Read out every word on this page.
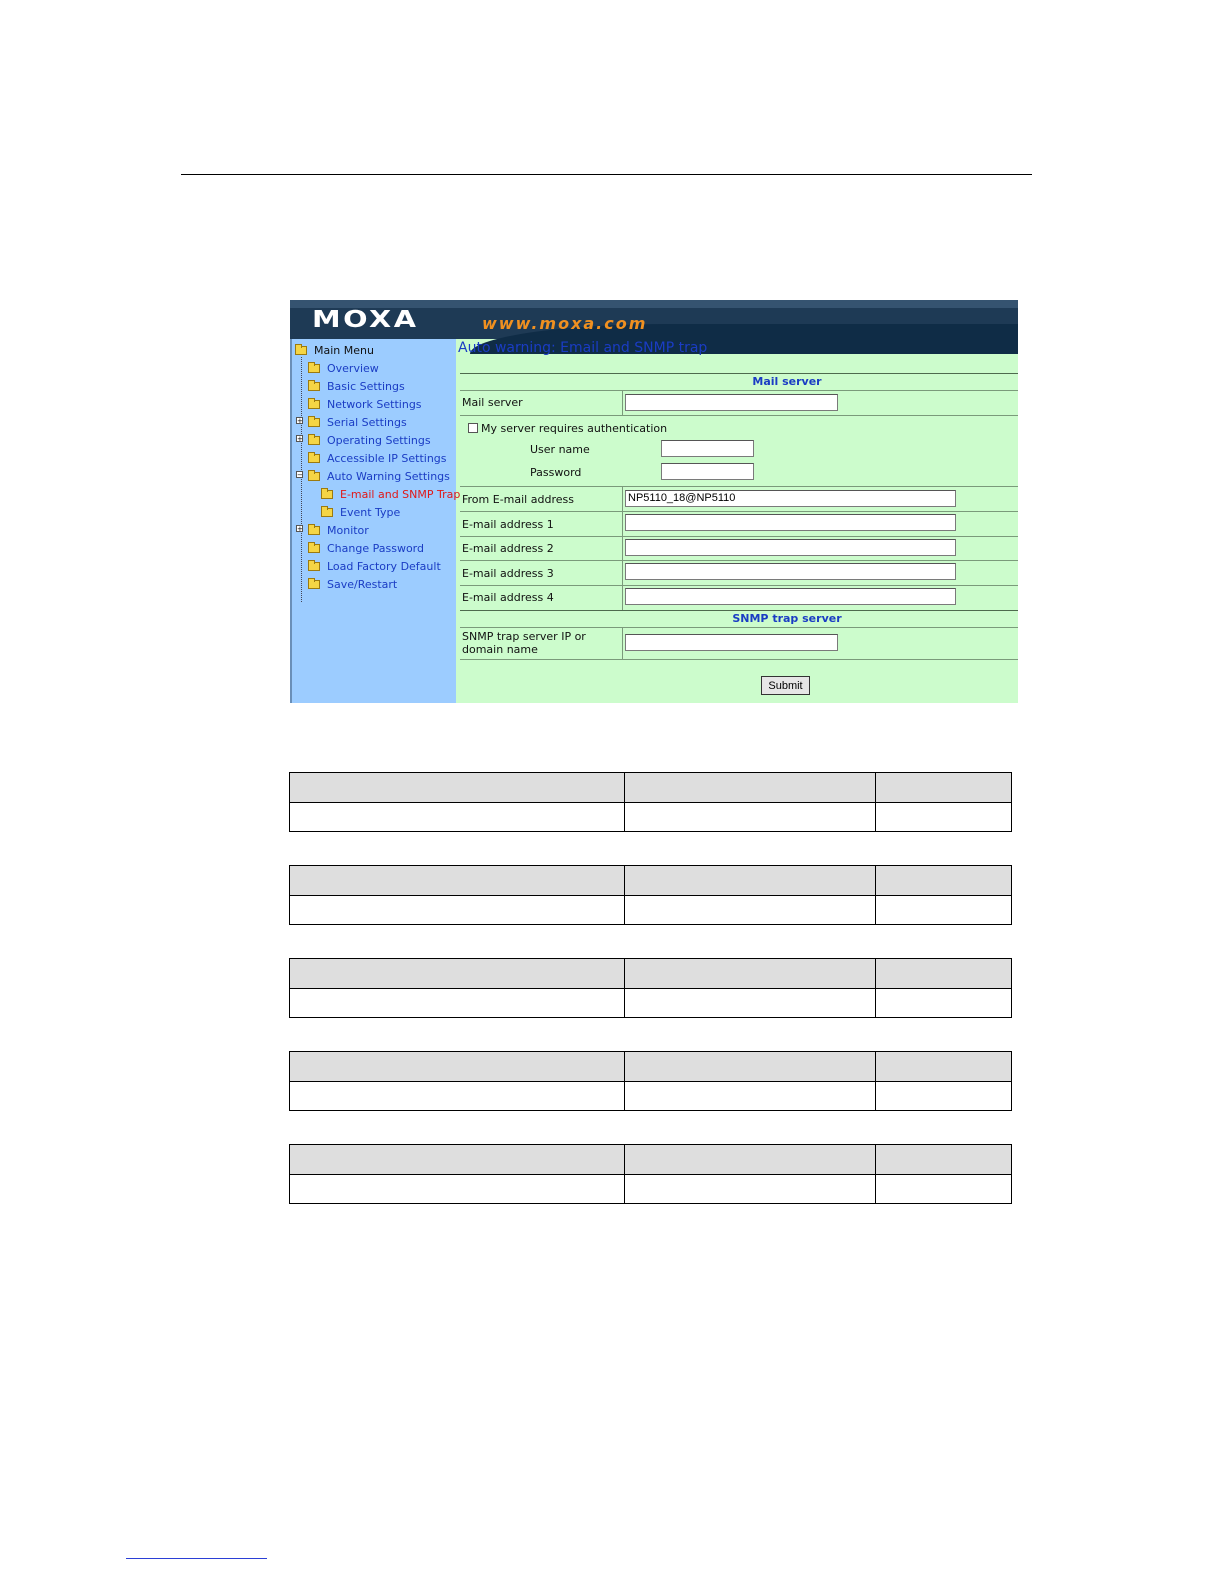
MOXA	www.moxa.com
Main Menu
Overview
Basic Settings
Network Settings
+ Serial Settings
+ Operating Settings
Accessible IP Settings
− Auto Warning Settings
E-mail and SNMP Trap
Event Type
+ Monitor
Change Password
Load Factory Default
Save/Restart
Auto warning: Email and SNMP trap
Mail server
Mail server
My server requires authentication
User name
Password
From E-mail address	NP5110_18@NP5110
E-mail address 1
E-mail address 2
E-mail address 3
E-mail address 4
SNMP trap server
SNMP trap server IP or
domain name
Submit
